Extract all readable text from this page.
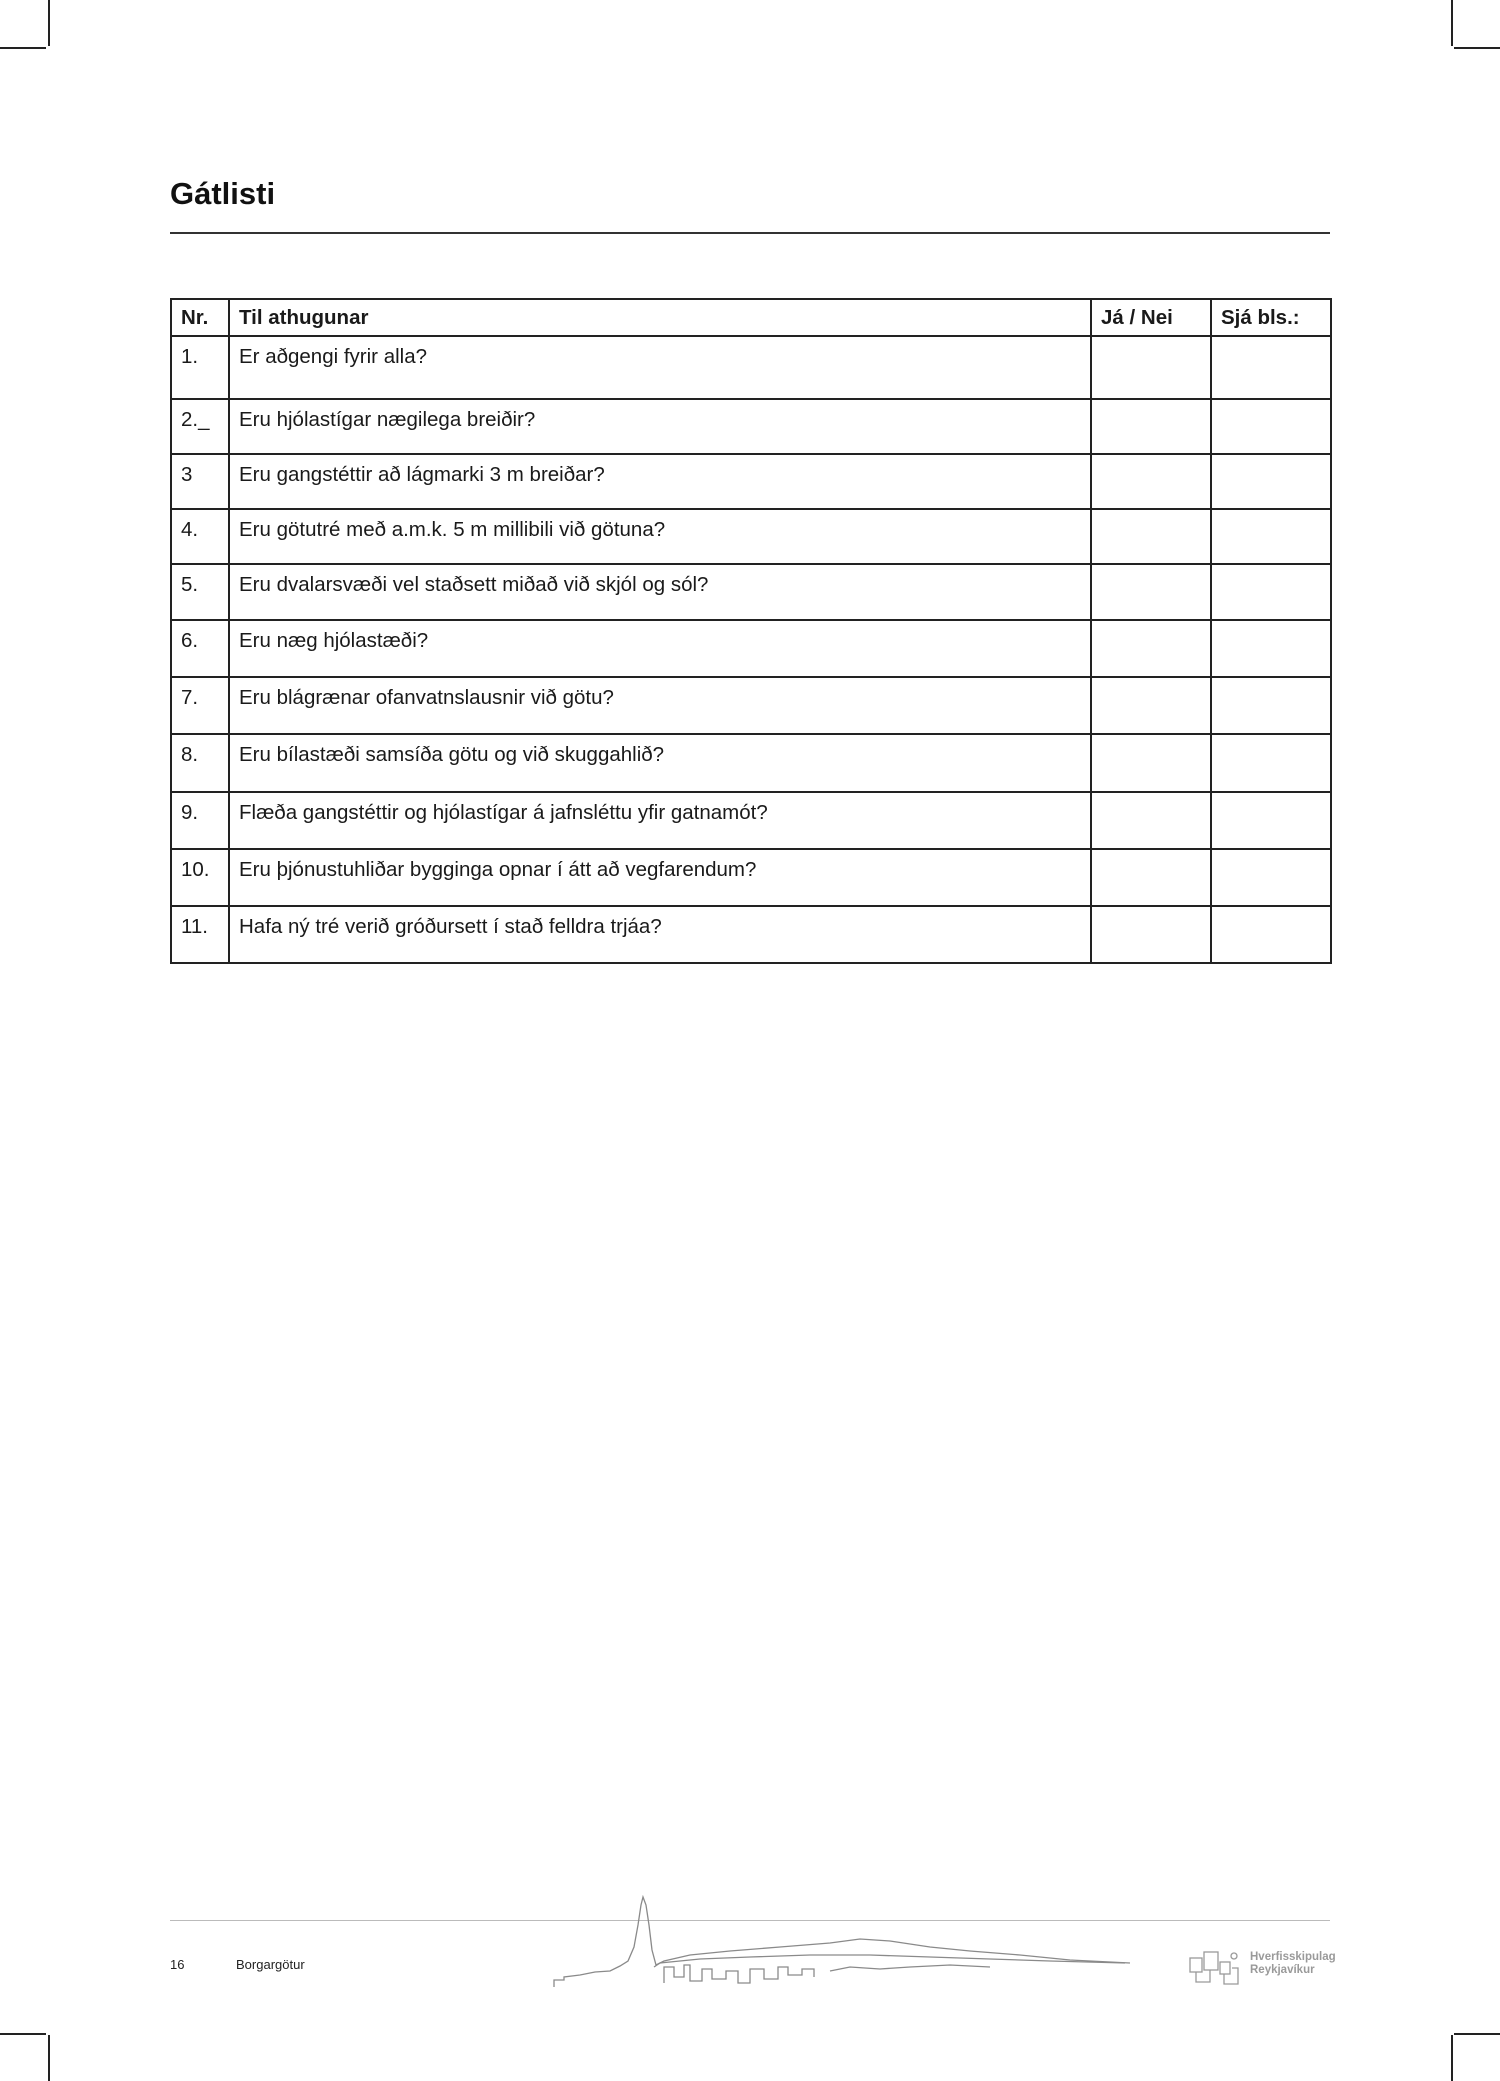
Gátlisti
Nr.	Til athugunar	Já / Nei	Sjá bls.:
1.	Er aðgengi fyrir alla?		
2. ̲	Eru hjólastígar nægilega breiðir?		
3	Eru gangstéttir að lágmarki 3 m breiðar?		
4.	Eru götutré með a.m.k. 5 m millibili við götuna?		
5.	Eru dvalarsvæði vel staðsett miðað við skjól og sól?		
6.	Eru næg hjólastæði?		
7.	Eru blágrænar ofanvatnslausnir við götu?		
8.	Eru bílastæði samsíða götu og við skuggahlið?		
9.	Flæða gangstéttir og hjólastígar á jafnsléttu yfir gatnamót?		
10.	Eru þjónustuhliðar bygginga opnar í átt að vegfarendum?		
11.	Hafa ný tré verið gróðursett í stað felldra trjáa?		
16	Borgargötur	Hverfisskipulag
Reykjavíkur
